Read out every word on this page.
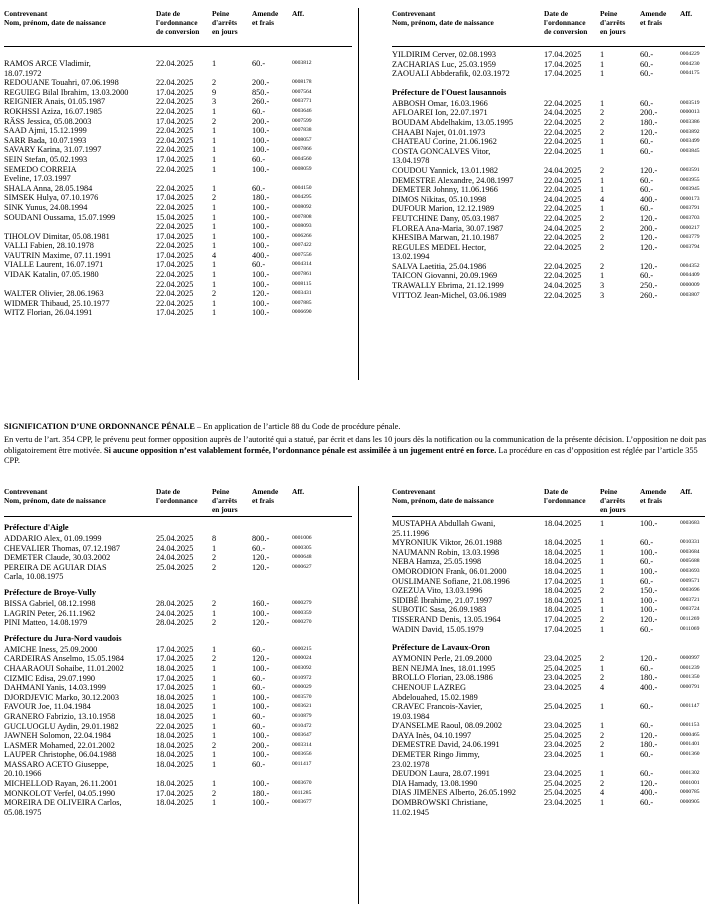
Contrevenant
Nom, prénom, date de naissance
Date de
l'ordonnance
de conversion
Peine
d'arrêts
en jours
Amende
et frais
Aff.
RAMOS ARCE Vladimir,
18.07.1972
22.04.2025 1	60.-	0003812
REDOUANE Touahri, 07.06.1998	22.04.2025 2	200.-	0008178
REGUIEG Bilal Ibrahim, 13.03.2000	17.04.2025 9	850.-	0007564
REIGNIER Anais, 01.05.1987	22.04.2025 3	260.-	0003771
ROKHSSI Aziza, 16.07.1985	22.04.2025 1	60.-	0003646
RÄSS Jessica, 05.08.2003	17.04.2025 2	200.-	0007599
SAAD Ajmi, 15.12.1999	22.04.2025 1	100.-	0007838
SARR Bada, 10.07.1993	22.04.2025 1	100.-	0008057
SAVARY Karina, 31.07.1997	22.04.2025 1	100.-	0007866
SEIN Stefan, 05.02.1993	17.04.2025 1	60.-	0004560
SEMEDO CORREIA
Eveline, 17.03.1997
22.04.2025 1	100.-	0008059
SHALA Anna, 28.05.1984	22.04.2025 1	60.-	0004150
SIMSEK Hulya, 07.10.1976	17.04.2025 2	180.-	0004295
SINK Yunus, 24.08.1994	22.04.2025 1	100.-	0008092
SOUDANI Oussama, 15.07.1999	15.04.2025 1	100.-	0007808
22.04.2025 1	100.-	0008093
TIHOLOV Dimitar, 05.08.1981	17.04.2025 1	100.-	0006266
VALLI Fabien, 28.10.1978	22.04.2025 1	100.-	0007422
VAUTRIN Maxime, 07.11.1991	17.04.2025 4	400.-	0007556
VIALLE Laurent, 16.07.1971	17.04.2025 1	60.-	0004314
VIDAK Katalin, 07.05.1980	22.04.2025 1	100.-	0007861
22.04.2025 1	100.-	0008115
WALTER Olivier, 28.06.1963	22.04.2025 2	120.-	0003431
WIDMER Thibaud, 25.10.1977	22.04.2025 1	100.-	0007885
WITZ Florian, 26.04.1991	17.04.2025 1	100.-	0006690
Contrevenant
Nom, prénom, date de naissance
Date de
l'ordonnance
de conversion
Peine
d'arrêts
en jours
Amende
et frais
Aff.
YILDIRIM Cerver, 02.08.1993	17.04.2025 1	60.-	0004229
ZACHARIAS Luc, 25.03.1959	17.04.2025 1	60.-	0004230
ZAOUALI Abbderafik, 02.03.1972	17.04.2025 1	60.-	0004175
Préfecture de l'Ouest lausannois
ABBOSH Omar, 16.03.1966	22.04.2025 1	60.-	0003519
AFLOAREI Ion, 22.07.1971	24.04.2025 2	200.-	0000013
BOUDAM Abdelhakim, 13.05.1995	22.04.2025 2	180.-	0003386
CHAABI Najet, 01.01.1973	22.04.2025 2	120.-	0003892
CHATEAU Corine, 21.06.1962	22.04.2025 1	60.-	0003499
COSTA GONCALVES Vitor,
13.04.1978
22.04.2025 1	60.-	0003845
COUDOU Yannick, 13.01.1982	24.04.2025 2	120.-	0003591
DEMESTRE Alexandre, 24.08.1997	22.04.2025 1	60.-	0003955
DEMETER Johnny, 11.06.1966	22.04.2025 1	60.-	0003945
DIMOS Nikitas, 05.10.1998	24.04.2025 4	400.-	0000173
DUFOUR Marion, 12.12.1989	22.04.2025 1	60.-	0003791
FEUTCHINE Dany, 05.03.1987	22.04.2025 2	120.-	0003703
FLOREA Ana-Maria, 30.07.1987	24.04.2025 2	200.-	0000217
KHESIBA Marwan, 21.10.1987	22.04.2025 2	120.-	0003779
REGULES MEDEL Hector,
13.02.1994
22.04.2025 2	120.-	0003794
SALVA Laetitia, 25.04.1986	22.04.2025 2	120.-	0004352
TAICON Giovanni, 20.09.1969	22.04.2025 1	60.-	0004409
TRAWALLY Ebrima, 21.12.1999	24.04.2025 3	250.-	0000009
VITTOZ Jean-Michel, 03.06.1989	22.04.2025 3	260.-	0003807

SIGNIFICATION D’UNE ORDONNANCE PÉNALE – En application de l’article 88 du Code de procédure pénale.

En vertu de l’art. 354 CPP, le prévenu peut former opposition auprès de l’autorité qui a statué, par écrit et dans les 10 jours dès la notification ou la communication de la présente décision. L’opposition ne doit pas obligatoirement être motivée. Si aucune opposition n’est valablement formée, l’ordonnance pénale est assimilée à un jugement entré en force. La procédure en cas d’opposition est réglée par l’article 355 CPP.

Contrevenant
Nom, prénom, date de naissance
Date de
l'ordonnance
Peine
d'arrêts
en jours
Amende
et frais
Aff.
Préfecture d'Aigle
ADDARIO Alex, 01.09.1999	25.04.2025 8	800.-	0001006
CHEVALIER Thomas, 07.12.1987	24.04.2025 1	60.-	0000305
DEMETER Claude, 30.03.2002	24.04.2025 2	120.-	0000648
PEREIRA DE AGUIAR DIAS
Carla, 10.08.1975
25.04.2025 2	120.-	0000627
Préfecture de Broye-Vully
BISSA Gabriel, 08.12.1998	28.04.2025 2	160.-	0000279
LAGRIN Peter, 26.11.1962	24.04.2025 1	100.-	0000359
PINI Matteo, 14.08.1979	28.04.2025 2	120.-	0000270
Préfecture du Jura-Nord vaudois
AMICHE Iness, 25.09.2000	17.04.2025 1	60.-	0000215
CARDEIRAS Anselmo, 15.05.1984	17.04.2025 2	120.-	0000024
CHAARAOUI Sohaibe, 11.01.2002	18.04.2025 1	100.-	0003092
CIZMIC Edisa, 29.07.1990	17.04.2025 1	60.-	0010972
DAHMANI Yanis, 14.03.1999	17.04.2025 1	60.-	0000029
DJORDJEVIC Marko, 30.12.2003	18.04.2025 1	100.-	0003570
FAVOUR Joe, 11.04.1984	18.04.2025 1	100.-	0003621
GRANERO Fabrizio, 13.10.1958	18.04.2025 1	60.-	0010879
GUCLUOGLU Aydin, 29.01.1982	22.04.2025 1	60.-	0010472
JAWNEH Solomon, 22.04.1984	18.04.2025 1	100.-	0003647
LASMER Mohamed, 22.01.2002	18.04.2025 2	200.-	0003314
LAUPER Christophe, 06.04.1988	18.04.2025 1	100.-	0003656
MASSARO ACETO Giuseppe,
20.10.1966
18.04.2025 1	60.-	0011417
MICHELLOD Rayan, 26.11.2001	18.04.2025 1	100.-	0003670
MONKOLOT Verfel, 04.05.1990	17.04.2025 2	180.-	0011285
MOREIRA DE OLIVEIRA Carlos,
05.08.1975
18.04.2025 1	100.-	0003677
Contrevenant
Nom, prénom, date de naissance
Date de
l'ordonnance
Peine
d'arrêts
en jours
Amende
et frais
Aff.
MUSTAPHA Abdullah Gwani,
25.11.1996
18.04.2025 1	100.-	0003683
MYRONIUK Viktor, 26.01.1988	18.04.2025 1	60.-	0010331
NAUMANN Robin, 13.03.1998	18.04.2025 1	100.-	0003684
NEBA Hamza, 25.05.1998	18.04.2025 1	60.-	0005688
OMORODION Frank, 06.01.2000	18.04.2025 1	100.-	0003693
OUSLIMANE Sofiane, 21.08.1996	17.04.2025 1	60.-	0009571
OZEZUA Vito, 13.03.1996	18.04.2025 2	150.-	0003696
SIDIBÉ Ibrahime, 21.07.1997	18.04.2025 1	100.-	0003721
SUBOTIC Sasa, 26.09.1983	18.04.2025 1	100.-	0003724
TISSERAND Denis, 13.05.1964	17.04.2025 2	120.-	0011269
WADIN David, 15.05.1979	17.04.2025 1	60.-	0011069
Préfecture de Lavaux-Oron
AYMONIN Perle, 21.09.2000	23.04.2025 2	120.-	0000997
BEN NEJMA Ines, 18.01.1995	25.04.2025 1	60.-	0001239
BROLLO Florian, 23.08.1986	23.04.2025 2	180.-	0001350
CHENOUF LAZREG
Abdelouahed, 15.02.1989
23.04.2025 4	400.-	0000791
CRAVEC Francois-Xavier,
19.03.1984
25.04.2025 1	60.-	0001147
D'ANSELME Raoul, 08.09.2002	23.04.2025 1	60.-	0001153
DAYA Inès, 04.10.1997	25.04.2025 2	120.-	0000465
DEMESTRE David, 24.06.1991	23.04.2025 2	180.-	0001401
DEMETER Ringo Jimmy,
23.02.1978
23.04.2025 1	60.-	0001360
DEUDON Laura, 28.07.1991	23.04.2025 1	60.-	0001302
DIA Hamady, 13.08.1990	25.04.2025 2	120.-	0001001
DIAS JIMENES Alberto, 26.05.1992	25.04.2025 4	400.-	0000785
DOMBROWSKI Christiane,
11.02.1945
23.04.2025 1	60.-	0000905
